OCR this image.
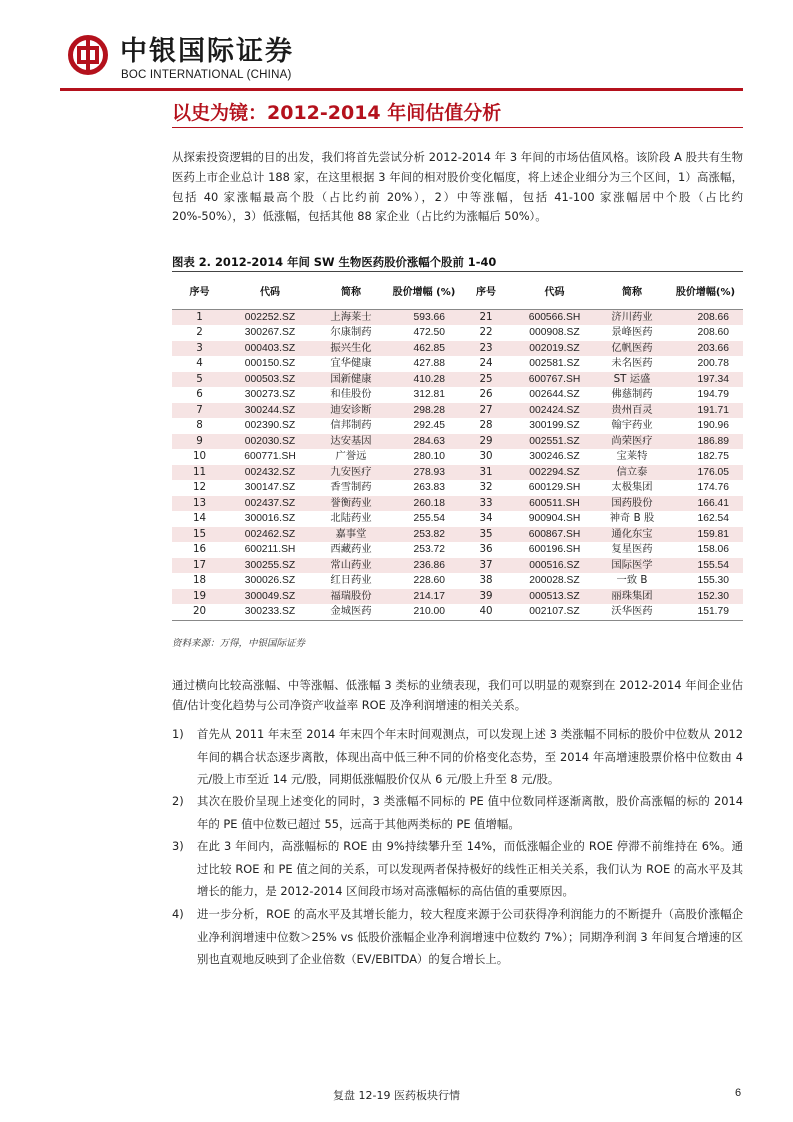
中银国际证券
BOC INTERNATIONAL (CHINA)
以史为镜：2012-2014 年间估值分析

从探索投资逻辑的目的出发，我们将首先尝试分析 2012-2014 年 3 年间的市场估值风格。该阶段 A 股共有生物医药上市企业总计 188 家，在这里根据 3 年间的相对股价变化幅度，将上述企业细分为三个区间，1）高涨幅，包括 40 家涨幅最高个股（占比约前 20%），2）中等涨幅，包括 41-100 家涨幅居中个股（占比约 20%-50%），3）低涨幅，包括其他 88 家企业（占比约为涨幅后 50%）。

图表 2. 2012-2014 年间 SW 生物医药股价涨幅个股前 1-40
序号	代码	简称	股价增幅 (%)	序号	代码	简称	股价增幅(%)
1	002252.SZ	上海莱士	593.66	21	600566.SH	济川药业	208.66
2	300267.SZ	尔康制药	472.50	22	000908.SZ	景峰医药	208.60
3	000403.SZ	振兴生化	462.85	23	002019.SZ	亿帆医药	203.66
4	000150.SZ	宜华健康	427.88	24	002581.SZ	未名医药	200.78
5	000503.SZ	国新健康	410.28	25	600767.SH	ST 运盛	197.34
6	300273.SZ	和佳股份	312.81	26	002644.SZ	佛慈制药	194.79
7	300244.SZ	迪安诊断	298.28	27	002424.SZ	贵州百灵	191.71
8	002390.SZ	信邦制药	292.45	28	300199.SZ	翰宇药业	190.96
9	002030.SZ	达安基因	284.63	29	002551.SZ	尚荣医疗	186.89
10	600771.SH	广誉远	280.10	30	300246.SZ	宝莱特	182.75
11	002432.SZ	九安医疗	278.93	31	002294.SZ	信立泰	176.05
12	300147.SZ	香雪制药	263.83	32	600129.SH	太极集团	174.76
13	002437.SZ	誉衡药业	260.18	33	600511.SH	国药股份	166.41
14	300016.SZ	北陆药业	255.54	34	900904.SH	神奇 B 股	162.54
15	002462.SZ	嘉事堂	253.82	35	600867.SH	通化东宝	159.81
16	600211.SH	西藏药业	253.72	36	600196.SH	复星医药	158.06
17	300255.SZ	常山药业	236.86	37	000516.SZ	国际医学	155.54
18	300026.SZ	红日药业	228.60	38	200028.SZ	一致 B	155.30
19	300049.SZ	福瑞股份	214.17	39	000513.SZ	丽珠集团	152.30
20	300233.SZ	金城医药	210.00	40	002107.SZ	沃华医药	151.79
资料来源：万得，中银国际证券

通过横向比较高涨幅、中等涨幅、低涨幅 3 类标的业绩表现，我们可以明显的观察到在 2012-2014 年间企业估值/估计变化趋势与公司净资产收益率 ROE 及净利润增速的相关关系。

1)	首先从 2011 年末至 2014 年末四个年末时间观测点，可以发现上述 3 类涨幅不同标的股价中位数从 2012 年间的耦合状态逐步离散，体现出高中低三种不同的价格变化态势，至 2014 年高增速股票价格中位数由 4 元/股上市至近 14 元/股，同期低涨幅股价仅从 6 元/股上升至 8 元/股。
2)	其次在股价呈现上述变化的同时，3 类涨幅不同标的 PE 值中位数同样逐渐离散，股价高涨幅的标的 2014 年的 PE 值中位数已超过 55，远高于其他两类标的 PE 值增幅。
3)	在此 3 年间内，高涨幅标的 ROE 由 9%持续攀升至 14%，而低涨幅企业的 ROE 停滞不前维持在 6%。通过比较 ROE 和 PE 值之间的关系，可以发现两者保持极好的线性正相关关系，我们认为 ROE 的高水平及其增长的能力，是 2012-2014 区间段市场对高涨幅标的高估值的重要原因。
4)	进一步分析，ROE 的高水平及其增长能力，较大程度来源于公司获得净利润能力的不断提升（高股价涨幅企业净利润增速中位数＞25% vs 低股价涨幅企业净利润增速中位数约 7%）；同期净利润 3 年间复合增速的区别也直观地反映到了企业倍数（EV/EBITDA）的复合增长上。
复盘 12-19 医药板块行情	6
